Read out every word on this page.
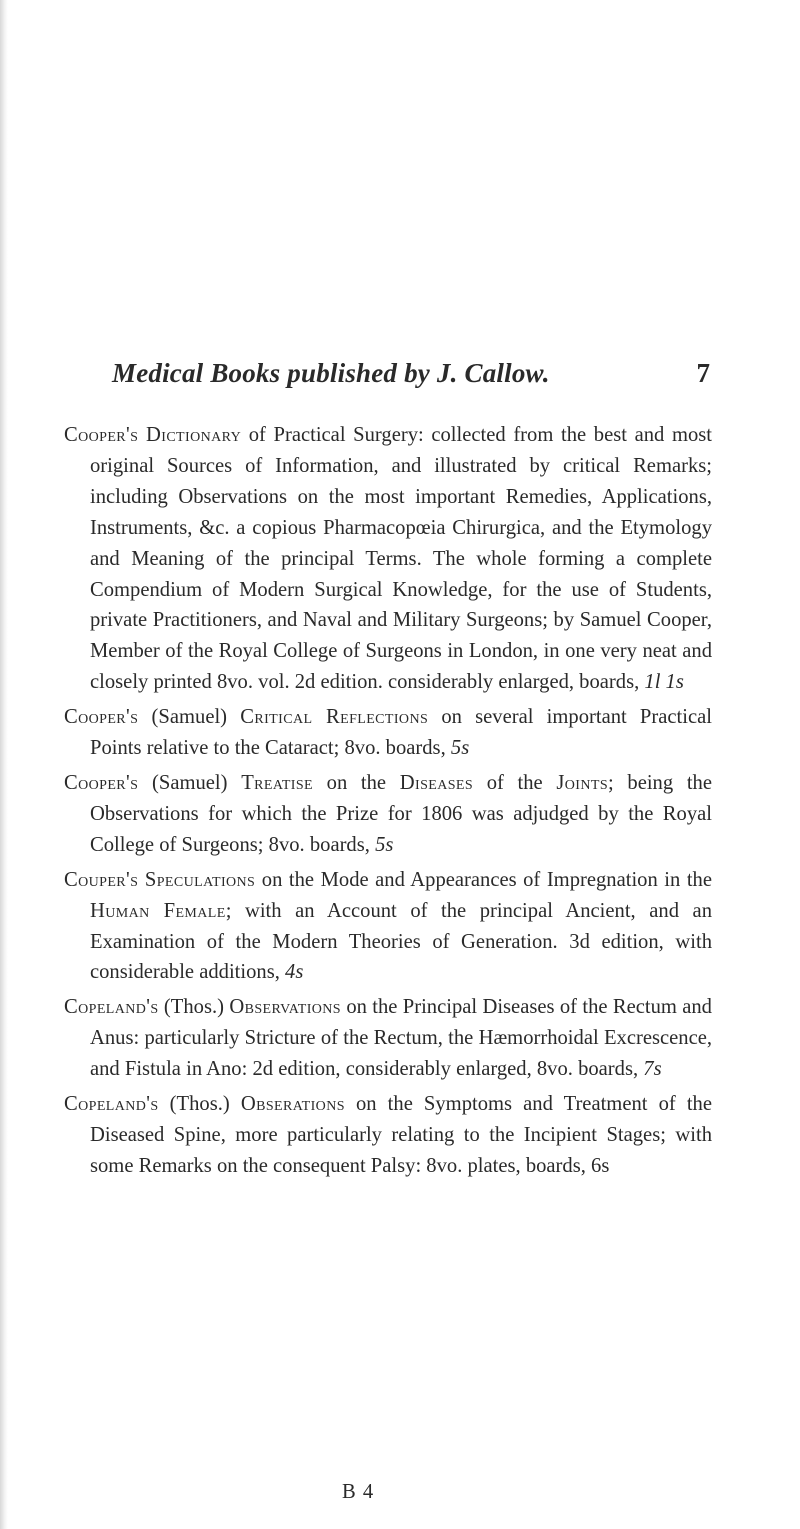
Medical Books published by J. Callow.	7

Cooper's Dictionary of Practical Surgery: collected from the best and most original Sources of Information, and illustrated by critical Remarks; including Observations on the most important Remedies, Applications, Instruments, &c. a copious Pharmacopœia Chirurgica, and the Etymology and Meaning of the principal Terms. The whole forming a complete Compendium of Modern Surgical Knowledge, for the use of Students, private Practitioners, and Naval and Military Surgeons; by Samuel Cooper, Member of the Royal College of Surgeons in London, in one very neat and closely printed 8vo. vol. 2d edition. considerably enlarged, boards, 1l 1s

Cooper's (Samuel) Critical Reflections on several important Practical Points relative to the Cataract; 8vo. boards, 5s

Cooper's (Samuel) Treatise on the Diseases of the Joints; being the Observations for which the Prize for 1806 was adjudged by the Royal College of Surgeons; 8vo. boards, 5s

Couper's Speculations on the Mode and Appearances of Impregnation in the Human Female; with an Account of the principal Ancient, and an Examination of the Modern Theories of Generation. 3d edition, with considerable additions, 4s

Copeland's (Thos.) Observations on the Principal Diseases of the Rectum and Anus: particularly Stricture of the Rectum, the Hæmorrhoidal Excrescence, and Fistula in Ano: 2d edition, considerably enlarged, 8vo. boards, 7s

Copeland's (Thos.) Obserations on the Symptoms and Treatment of the Diseased Spine, more particularly relating to the Incipient Stages; with some Remarks on the consequent Palsy: 8vo. plates, boards, 6s

B 4
